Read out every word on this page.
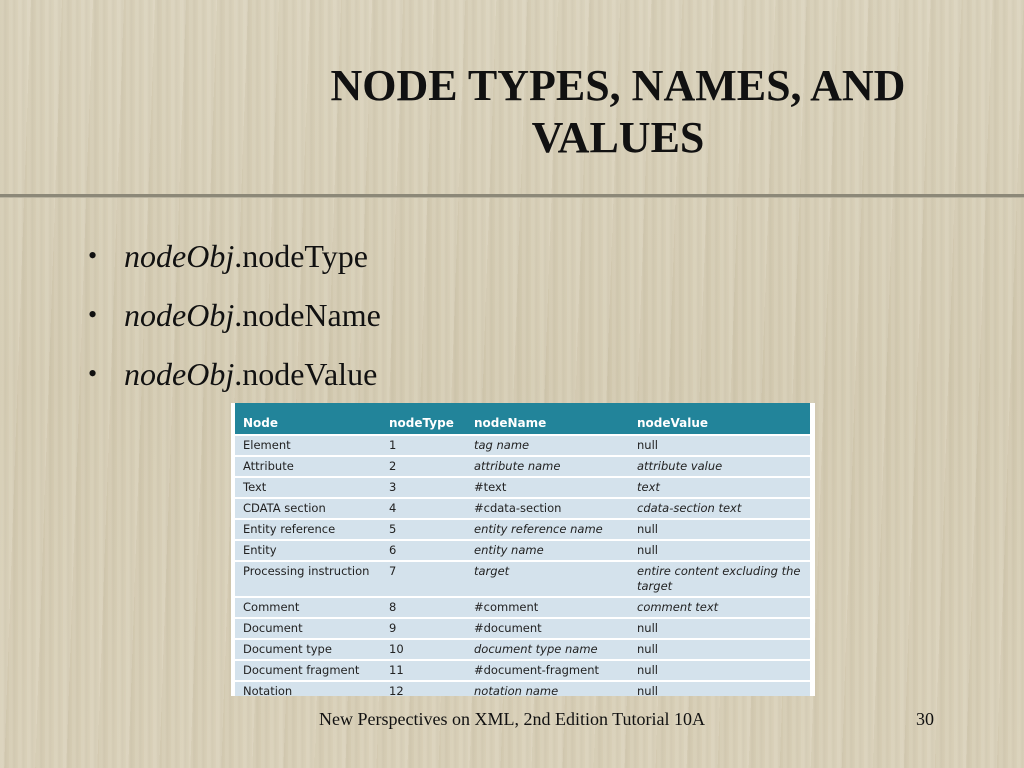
NODE TYPES, NAMES, AND VALUES
• nodeObj.nodeType
• nodeObj.nodeName
• nodeObj.nodeValue
Node	nodeType	nodeName	nodeValue
Element	1	tag name	null
Attribute	2	attribute name	attribute value
Text	3	#text	text
CDATA section	4	#cdata-section	cdata-section text
Entity reference	5	entity reference name	null
Entity	6	entity name	null
Processing instruction	7	target	entire content excluding the target
Comment	8	#comment	comment text
Document	9	#document	null
Document type	10	document type name	null
Document fragment	11	#document-fragment	null
Notation	12	notation name	null
New Perspectives on XML, 2nd Edition Tutorial 10A	30
